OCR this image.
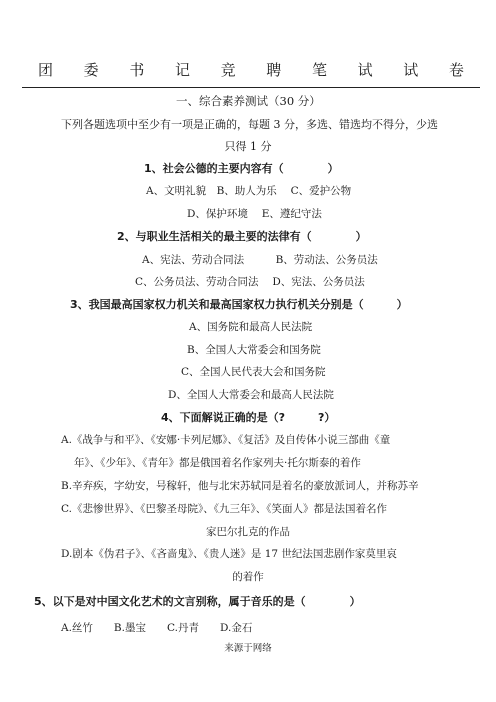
团 委 书 记 竞 聘 笔 试 试 卷
一、综合素养测试（30 分）
下列各题选项中至少有一项是正确的，每题 3 分，多选、错选均不得分，少选
只得 1 分
1、社会公德的主要内容有（　　　　）
A、文明礼貌　B、助人为乐　 C、爱护公物
D、保护环境　 E、遵纪守法
2、与职业生活相关的最主要的法律有（　　　　）
A、宪法、劳动合同法　　　B、劳动法、公务员法
C、公务员法、劳动合同法　 D、宪法、公务员法
3、我国最高国家权力机关和最高国家权力执行机关分别是（　　　）
A、国务院和最高人民法院
B、全国人大常委会和国务院
C、全国人民代表大会和国务院
D、全国人大常委会和最高人民法院
4、下面解说正确的是（?　　　?）
A.《战争与和平》、《安娜·卡列尼娜》、《复活》及自传体小说三部曲《童
年》、《少年》、《青年》都是俄国着名作家列夫·托尔斯泰的着作
B.辛弃疾，字幼安，号稼轩，他与北宋苏轼同是着名的豪放派词人，并称苏辛
C.《悲惨世界》、《巴黎圣母院》、《九三年》、《笑面人》都是法国着名作
家巴尔扎克的作品
D.剧本《伪君子》、《吝啬鬼》、《贵人迷》是 17 世纪法国悲剧作家莫里哀
的着作
5、以下是对中国文化艺术的文言别称，属于音乐的是（　　　　）
A.丝竹　　B.墨宝　　C.丹青　　D.金石
来源于网络
